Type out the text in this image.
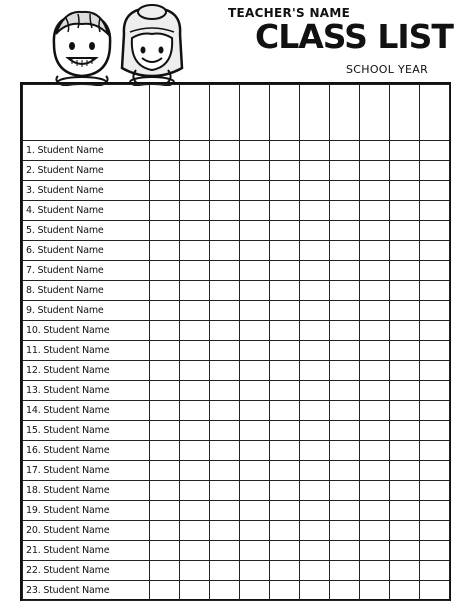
TEACHER'S NAME
CLASS LIST
SCHOOL YEAR

1. Student Name										
2. Student Name										
3. Student Name										
4. Student Name										
5. Student Name										
6. Student Name										
7. Student Name										
8. Student Name										
9. Student Name										
10. Student Name										
11. Student Name										
12. Student Name										
13. Student Name										
14. Student Name										
15. Student Name										
16. Student Name										
17. Student Name										
18. Student Name										
19. Student Name										
20. Student Name										
21. Student Name										
22. Student Name										
23. Student Name										
